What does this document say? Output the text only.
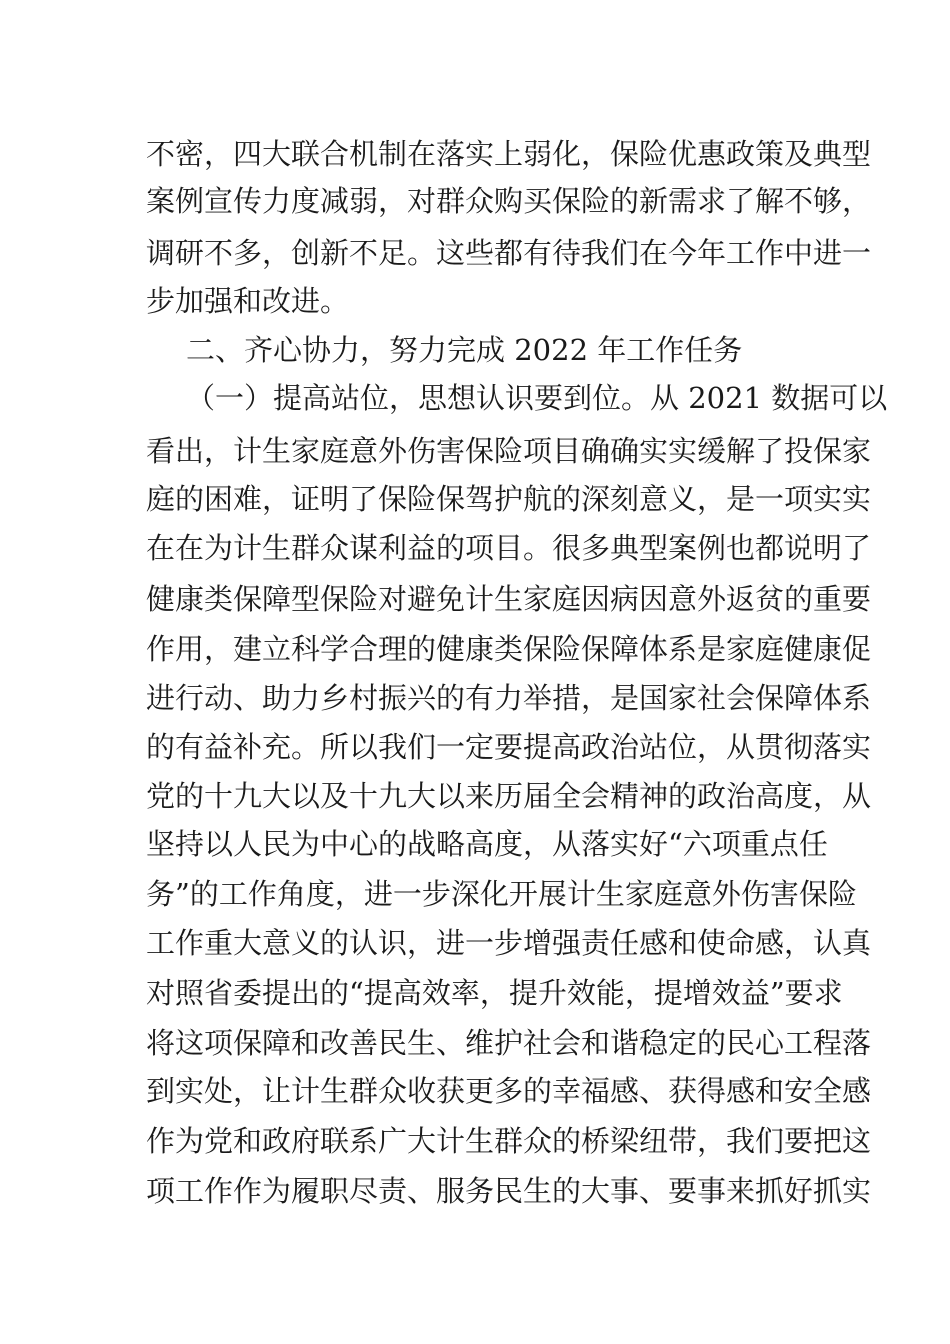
不密，四大联合机制在落实上弱化，保险优惠政策及典型
案例宣传力度减弱，对群众购买保险的新需求了解不够，
调研不多，创新不足。这些都有待我们在今年工作中进一
步加强和改进。
二、齐心协力，努力完成 2022 年工作任务
（一）提高站位，思想认识要到位。从 2021 数据可以
看出，计生家庭意外伤害保险项目确确实实缓解了投保家
庭的困难，证明了保险保驾护航的深刻意义，是一项实实
在在为计生群众谋利益的项目。很多典型案例也都说明了
健康类保障型保险对避免计生家庭因病因意外返贫的重要
作用，建立科学合理的健康类保险保障体系是家庭健康促
进行动、助力乡村振兴的有力举措，是国家社会保障体系
的有益补充。所以我们一定要提高政治站位，从贯彻落实
党的十九大以及十九大以来历届全会精神的政治高度，从
坚持以人民为中心的战略高度，从落实好“六项重点任
务”的工作角度，进一步深化开展计生家庭意外伤害保险
工作重大意义的认识，进一步增强责任感和使命感，认真
对照省委提出的“提高效率，提升效能，提增效益”要求
将这项保障和改善民生、维护社会和谐稳定的民心工程落
到实处，让计生群众收获更多的幸福感、获得感和安全感
作为党和政府联系广大计生群众的桥梁纽带，我们要把这
项工作作为履职尽责、服务民生的大事、要事来抓好抓实
